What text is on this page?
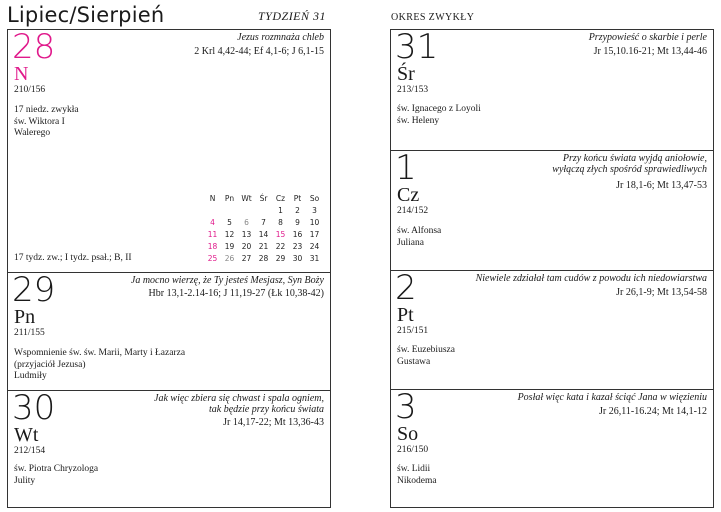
Lipiec/Sierpień	TYDZIEŃ 31	OKRES ZWYKŁY
28
N
210/156
Jezus rozmnaża chleb
2 Krl 4,42-44; Ef 4,1-6; J 6,1-15
17 niedz. zwykła
św. Wiktora I
Walerego
N	Pn	Wt	Śr	Cz	Pt	So
				1	2	3
4	5	6	7	8	9	10
11	12	13	14	15	16	17
18	19	20	21	22	23	24
25	26	27	28	29	30	31
17 tydz. zw.; I tydz. psał.; B, II
29
Pn
211/155
Ja mocno wierzę, że Ty jesteś Mesjasz, Syn Boży
Hbr 13,1-2.14-16; J 11,19-27 (Łk 10,38-42)
Wspomnienie św. św. Marii, Marty i Łazarza
(przyjaciół Jezusa)
Ludmiły
30
Wt
212/154
Jak więc zbiera się chwast i spala ogniem,
tak będzie przy końcu świata
Jr 14,17-22; Mt 13,36-43
św. Piotra Chryzologa
Julity
31
Śr
213/153
Przypowieść o skarbie i perle
Jr 15,10.16-21; Mt 13,44-46
św. Ignacego z Loyoli
św. Heleny
1
Cz
214/152
Przy końcu świata wyjdą aniołowie,
wyłączą złych spośród sprawiedliwych
Jr 18,1-6; Mt 13,47-53
św. Alfonsa
Juliana
2
Pt
215/151
Niewiele zdziałał tam cudów z powodu ich niedowiarstwa
Jr 26,1-9; Mt 13,54-58
św. Euzebiusza
Gustawa
3
So
216/150
Posłał więc kata i kazał ściąć Jana w więzieniu
Jr 26,11-16.24; Mt 14,1-12
św. Lidii
Nikodema
